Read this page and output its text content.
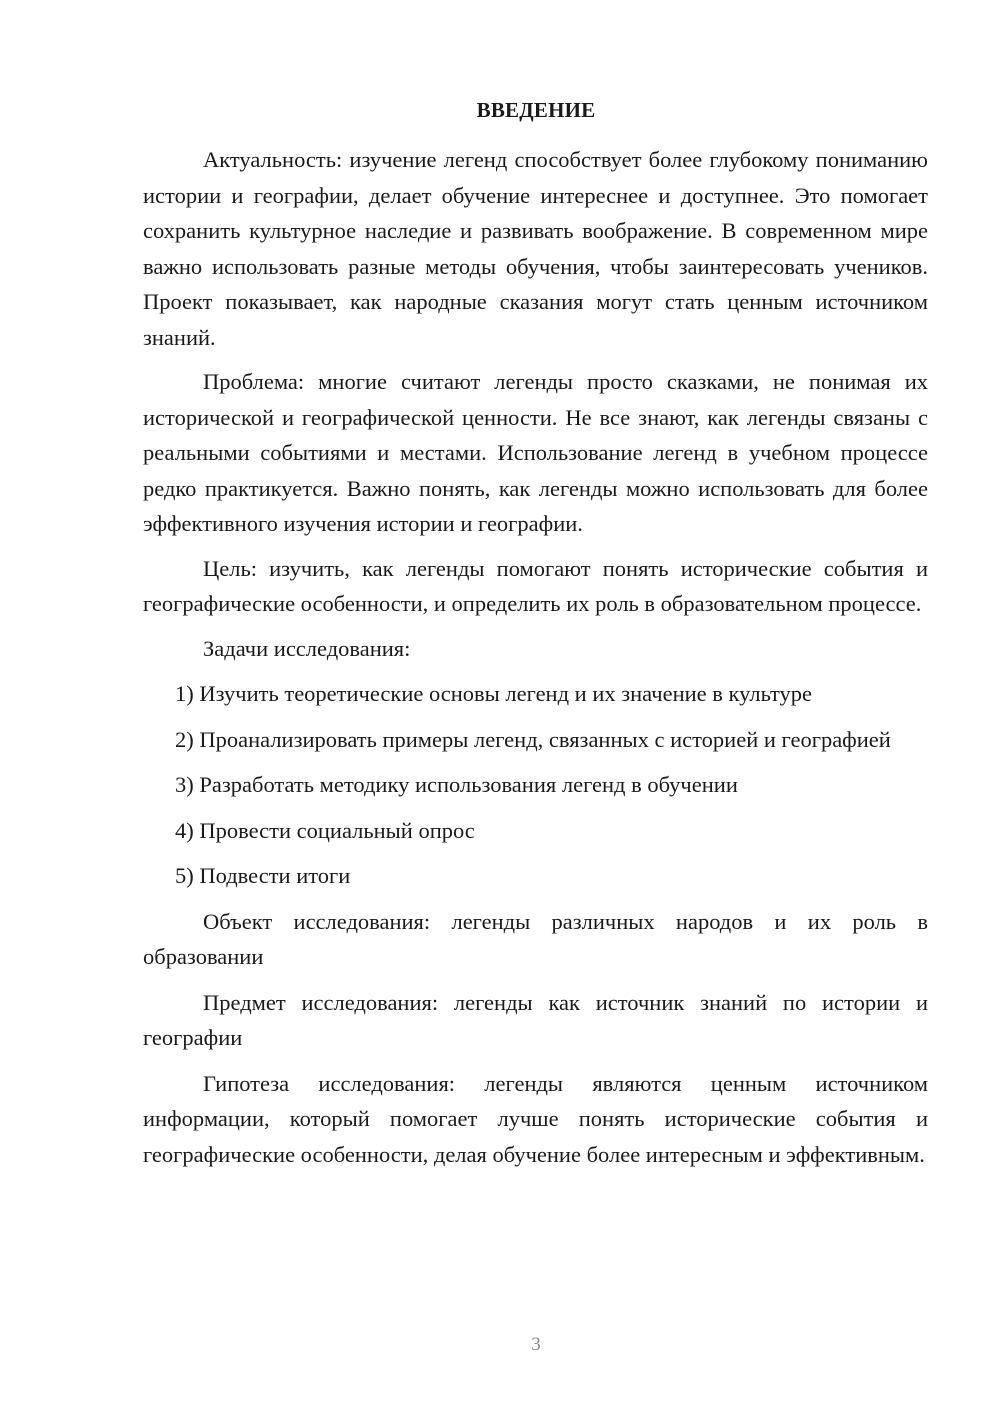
ВВЕДЕНИЕ

Актуальность: изучение легенд способствует более глубокому пониманию истории и географии, делает обучение интереснее и доступнее. Это помогает сохранить культурное наследие и развивать воображение. В современном мире важно использовать разные методы обучения, чтобы заинтересовать учеников. Проект показывает, как народные сказания могут стать ценным источником знаний.

Проблема: многие считают легенды просто сказками, не понимая их исторической и географической ценности. Не все знают, как легенды связаны с реальными событиями и местами. Использование легенд в учебном процессе редко практикуется. Важно понять, как легенды можно использовать для более эффективного изучения истории и географии.

Цель: изучить, как легенды помогают понять исторические события и географические особенности, и определить их роль в образовательном процессе.

Задачи исследования:

1) Изучить теоретические основы легенд и их значение в культуре

2) Проанализировать примеры легенд, связанных с историей и географией

3) Разработать методику использования легенд в обучении

4) Провести социальный опрос

5) Подвести итоги

Объект исследования: легенды различных народов и их роль в образовании

Предмет исследования: легенды как источник знаний по истории и географии

Гипотеза исследования: легенды являются ценным источником информации, который помогает лучше понять исторические события и географические особенности, делая обучение более интересным и эффективным.

3
